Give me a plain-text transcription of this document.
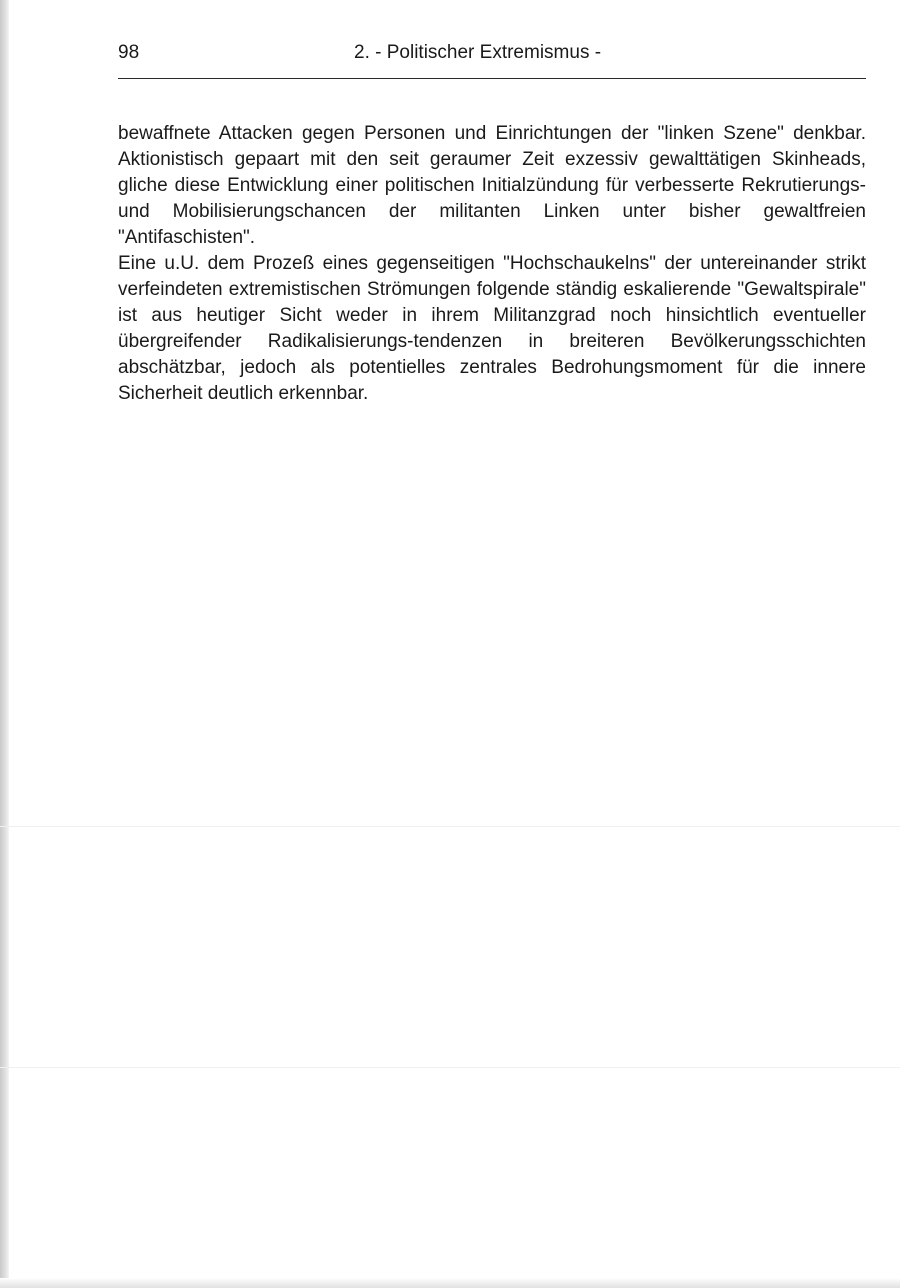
98	2. - Politischer Extremismus -

bewaffnete Attacken gegen Personen und Einrichtungen der "linken Szene" denkbar. Aktionistisch gepaart mit den seit geraumer Zeit exzessiv gewalttätigen Skinheads, gliche diese Entwicklung einer politischen Initialzündung für verbesserte Rekrutierungs- und Mobilisierungschancen der militanten Linken unter bisher gewaltfreien "Antifaschisten".

Eine u.U. dem Prozeß eines gegenseitigen "Hochschaukelns" der untereinander strikt verfeindeten extremistischen Strömungen folgende ständig eskalierende "Gewaltspirale" ist aus heutiger Sicht weder in ihrem Militanzgrad noch hinsichtlich eventueller übergreifender Radikalisierungs-tendenzen in breiteren Bevölkerungsschichten abschätzbar, jedoch als potentielles zentrales Bedrohungsmoment für die innere Sicherheit deutlich erkennbar.
